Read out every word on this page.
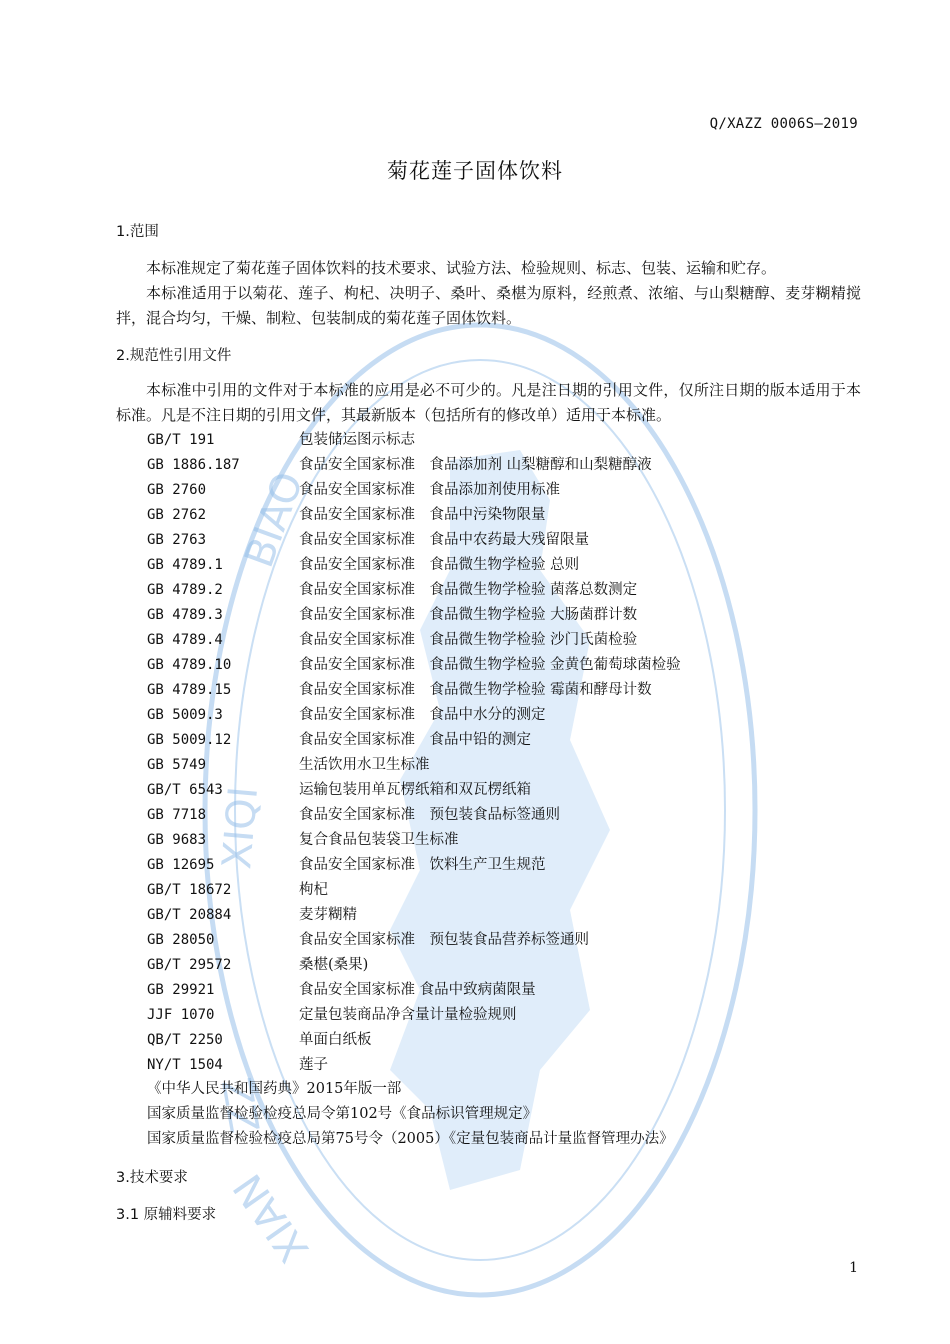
BIAO
XIQI
ZZ
XIAN
Q/XAZZ 0006S—2019
菊花莲子固体饮料
1.范围
本标准规定了菊花莲子固体饮料的技术要求、试验方法、检验规则、标志、包装、运输和贮存。
本标准适用于以菊花、莲子、枸杞、决明子、桑叶、桑椹为原料，经煎煮、浓缩、与山梨糖醇、麦芽糊精搅拌，混合均匀，干燥、制粒、包装制成的菊花莲子固体饮料。
2.规范性引用文件
本标准中引用的文件对于本标准的应用是必不可少的。凡是注日期的引用文件，仅所注日期的版本适用于本标准。凡是不注日期的引用文件，其最新版本（包括所有的修改单）适用于本标准。
GB/T 191	包装储运图示标志
GB 1886.187	食品安全国家标准　食品添加剂 山梨糖醇和山梨糖醇液
GB 2760	食品安全国家标准　食品添加剂使用标准
GB 2762	食品安全国家标准　食品中污染物限量
GB 2763	食品安全国家标准　食品中农药最大残留限量
GB 4789.1	食品安全国家标准　食品微生物学检验 总则
GB 4789.2	食品安全国家标准　食品微生物学检验 菌落总数测定
GB 4789.3	食品安全国家标准　食品微生物学检验 大肠菌群计数
GB 4789.4	食品安全国家标准　食品微生物学检验 沙门氏菌检验
GB 4789.10	食品安全国家标准　食品微生物学检验 金黄色葡萄球菌检验
GB 4789.15	食品安全国家标准　食品微生物学检验 霉菌和酵母计数
GB 5009.3	食品安全国家标准　食品中水分的测定
GB 5009.12	食品安全国家标准　食品中铅的测定
GB 5749	生活饮用水卫生标准
GB/T 6543	运输包装用单瓦楞纸箱和双瓦楞纸箱
GB 7718	食品安全国家标准　预包装食品标签通则
GB 9683	复合食品包装袋卫生标准
GB 12695	食品安全国家标准　饮料生产卫生规范
GB/T 18672	枸杞
GB/T 20884	麦芽糊精
GB 28050	食品安全国家标准　预包装食品营养标签通则
GB/T 29572	桑椹(桑果)
GB 29921	食品安全国家标准 食品中致病菌限量
JJF 1070	定量包装商品净含量计量检验规则
QB/T 2250	单面白纸板
NY/T 1504	莲子
《中华人民共和国药典》2015年版一部
国家质量监督检验检疫总局令第102号《食品标识管理规定》
国家质量监督检验检疫总局第75号令（2005）《定量包装商品计量监督管理办法》
3.技术要求
3.1 原辅料要求
1
